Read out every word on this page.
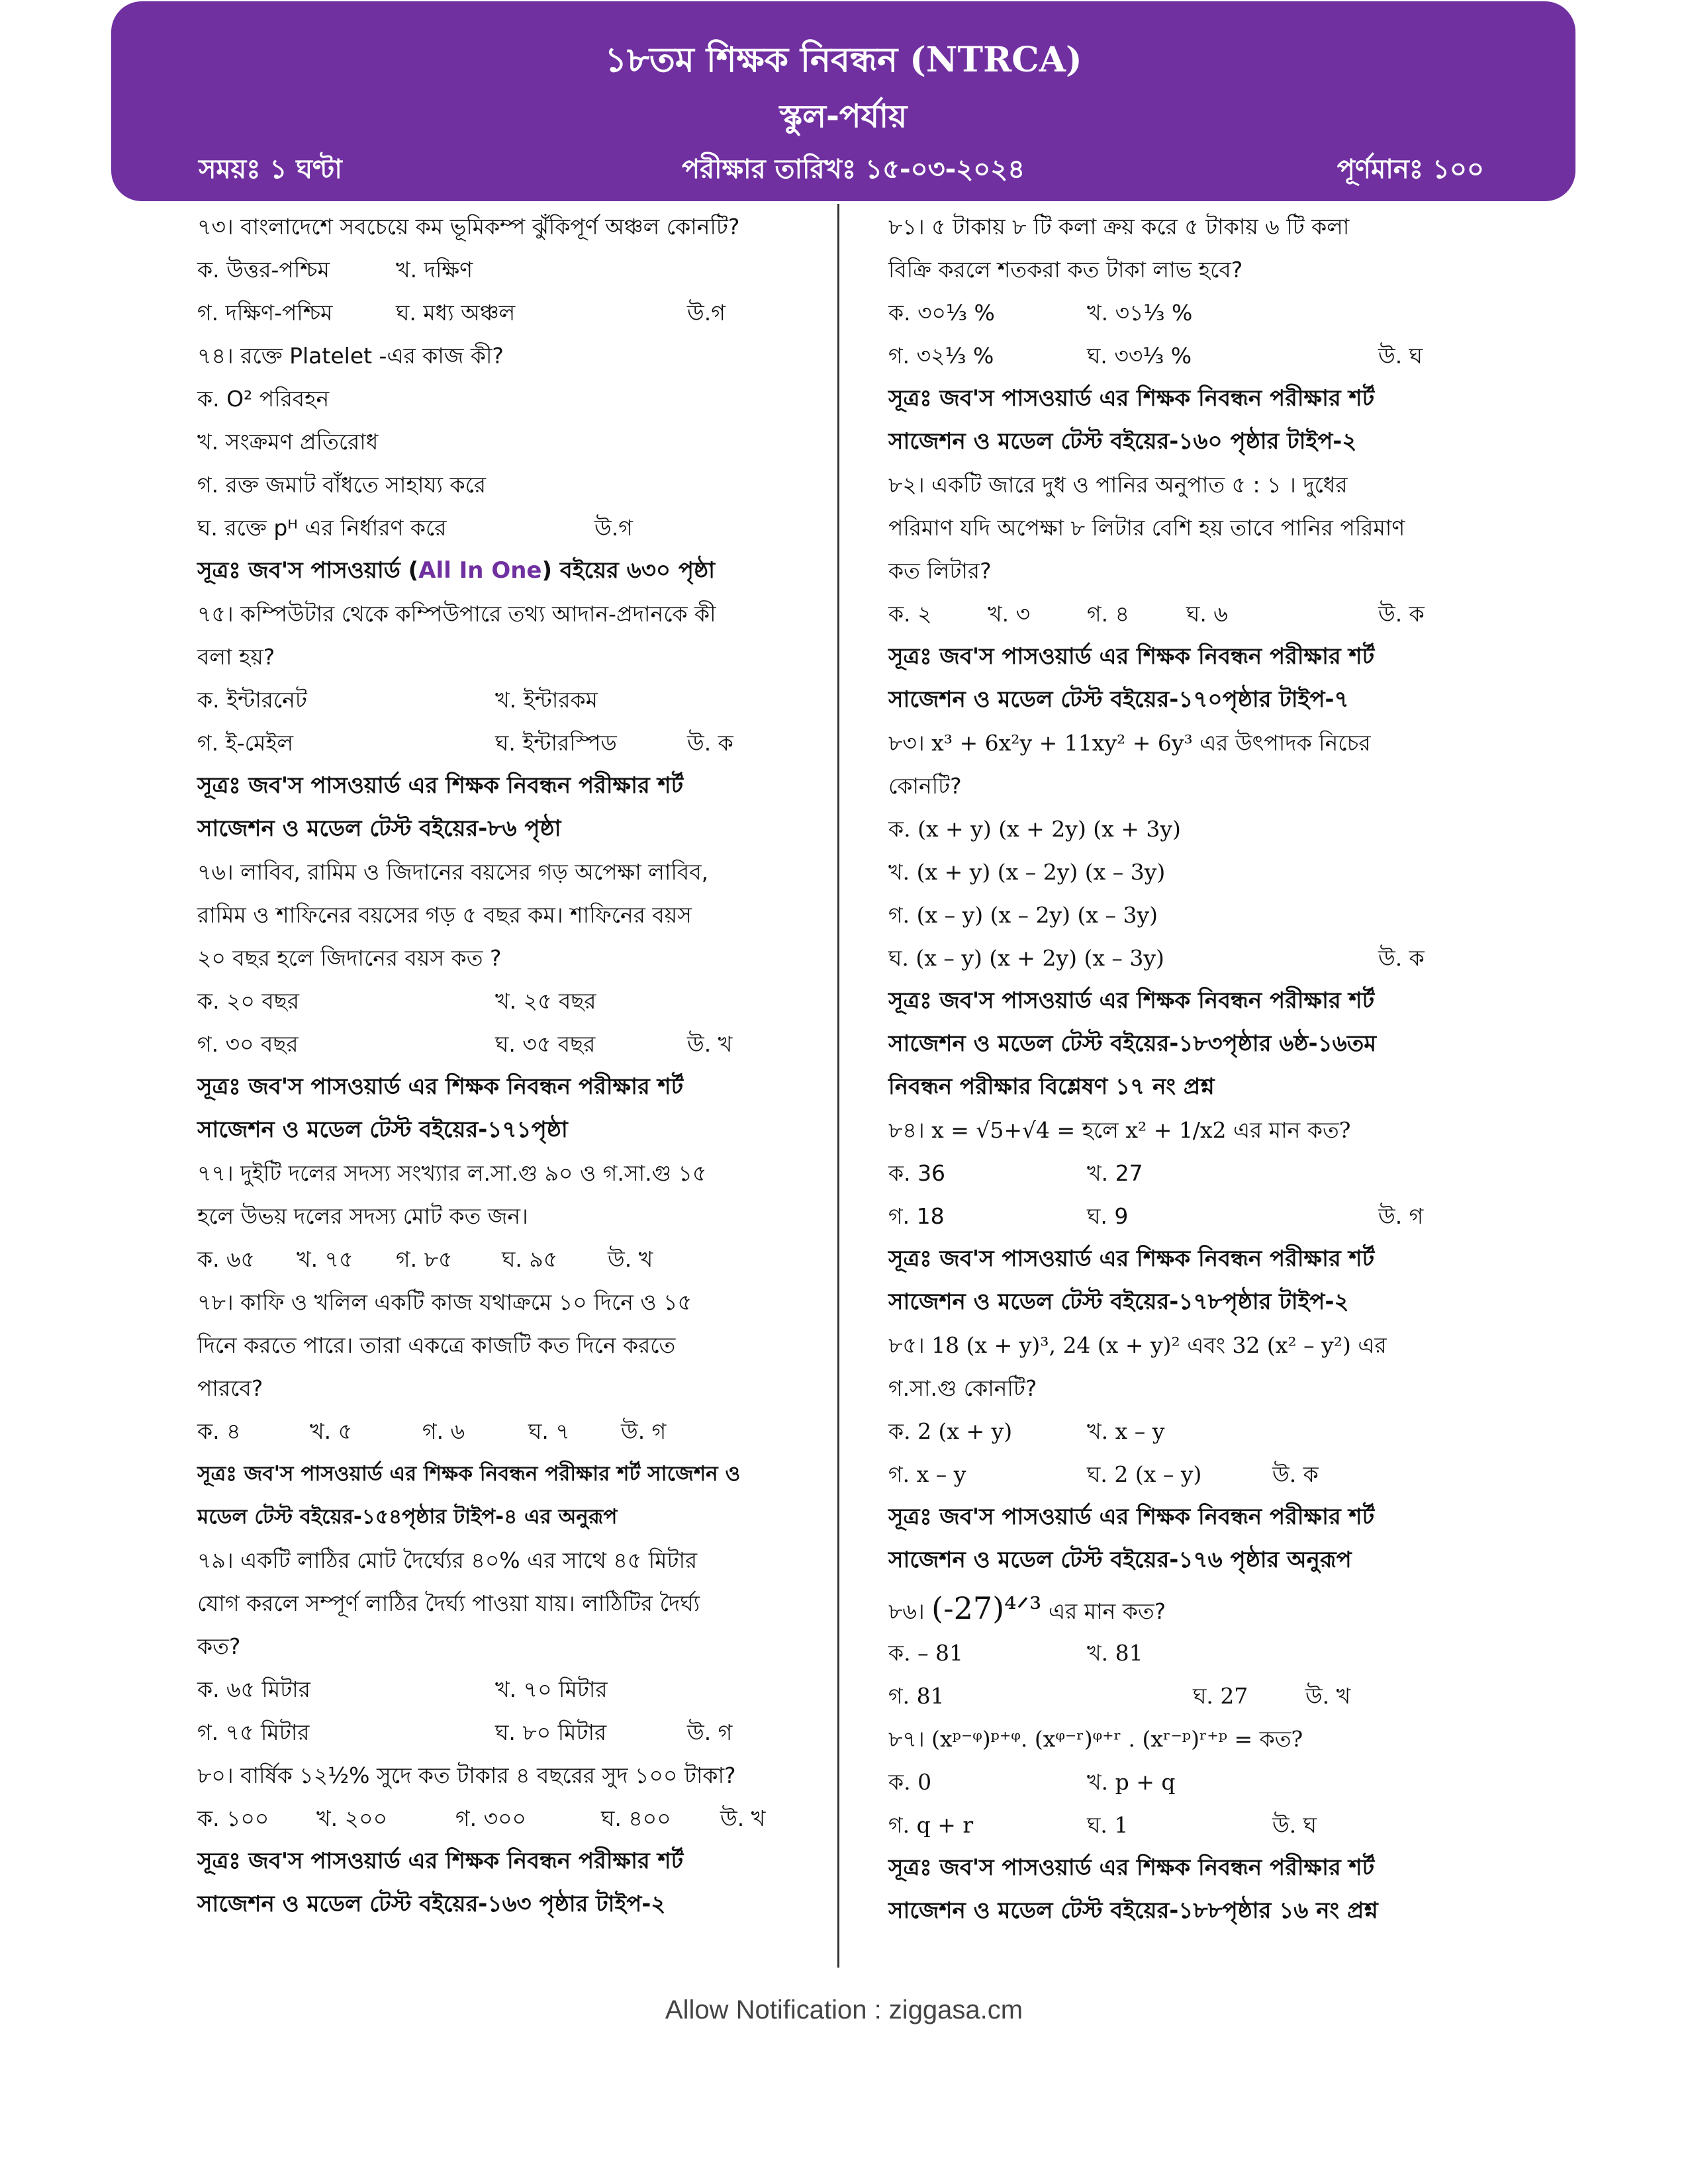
১৮তম শিক্ষক নিবন্ধন (NTRCA)
স্কুল-পর্যায়
সময়ঃ ১ ঘণ্টা	পরীক্ষার তারিখঃ ১৫-০৩-২০২৪	পূর্ণমানঃ ১০০

৭৩। বাংলাদেশে সবচেয়ে কম ভূমিকম্প ঝুঁকিপূর্ণ অঞ্চল কোনটি?

ক. উত্তর-পশ্চিম	খ. দক্ষিণ
গ. দক্ষিণ-পশ্চিম	ঘ. মধ্য অঞ্চল	উ.গ

৭৪। রক্তে Platelet -এর কাজ কী?

ক. O² পরিবহন

খ. সংক্রমণ প্রতিরোধ

গ. রক্ত জমাট বাঁধতে সাহায্য করে

ঘ. রক্তে pᴴ এর নির্ধারণ করে	উ.গ

সূত্রঃ জব'স পাসওয়ার্ড (All In One) বইয়ের ৬৩০ পৃষ্ঠা

৭৫। কম্পিউটার থেকে কম্পিউপারে তথ্য আদান-প্রদানকে কী

বলা হয়?

ক. ইন্টারনেট	খ. ইন্টারকম
গ. ই-মেইল	ঘ. ইন্টারস্পিড	উ. ক

সূত্রঃ জব'স পাসওয়ার্ড এর শিক্ষক নিবন্ধন পরীক্ষার শর্ট

সাজেশন ও মডেল টেস্ট বইয়ের-৮৬ পৃষ্ঠা

৭৬। লাবিব, রামিম ও জিদানের বয়সের গড় অপেক্ষা লাবিব,

রামিম ও শাফিনের বয়সের গড় ৫ বছর কম। শাফিনের বয়স

২০ বছর হলে জিদানের বয়স কত ?

ক. ২০ বছর	খ. ২৫ বছর
গ. ৩০ বছর	ঘ. ৩৫ বছর	উ. খ

সূত্রঃ জব'স পাসওয়ার্ড এর শিক্ষক নিবন্ধন পরীক্ষার শর্ট

সাজেশন ও মডেল টেস্ট বইয়ের-১৭১পৃষ্ঠা

৭৭। দুইটি দলের সদস্য সংখ্যার ল.সা.গু ৯০ ও গ.সা.গু ১৫

হলে উভয় দলের সদস্য মোট কত জন।

ক. ৬৫ খ. ৭৫ গ. ৮৫ ঘ. ৯৫ উ. খ

৭৮। কাফি ও খলিল একটি কাজ যথাক্রমে ১০ দিনে ও ১৫

দিনে করতে পারে। তারা একত্রে কাজটি কত দিনে করতে

পারবে?

ক. ৪	খ. ৫	গ. ৬	ঘ. ৭ উ. গ

সূত্রঃ জব'স পাসওয়ার্ড এর শিক্ষক নিবন্ধন পরীক্ষার শর্ট সাজেশন ও

মডেল টেস্ট বইয়ের-১৫৪পৃষ্ঠার টাইপ-৪ এর অনুরূপ

৭৯। একটি লাঠির মোট দৈর্ঘ্যের ৪০% এর সাথে ৪৫ মিটার

যোগ করলে সম্পূর্ণ লাঠির দৈর্ঘ্য পাওয়া যায়। লাঠিটির দৈর্ঘ্য

কত?

ক. ৬৫ মিটার	খ. ৭০ মিটার
গ. ৭৫ মিটার	ঘ. ৮০ মিটার	উ. গ

৮০। বার্ষিক ১২½% সুদে কত টাকার ৪ বছরের সুদ ১০০ টাকা?

ক. ১০০ খ. ২০০	গ. ৩০০	ঘ. ৪০০ উ. খ

সূত্রঃ জব'স পাসওয়ার্ড এর শিক্ষক নিবন্ধন পরীক্ষার শর্ট

সাজেশন ও মডেল টেস্ট বইয়ের-১৬৩ পৃষ্ঠার টাইপ-২

৮১। ৫ টাকায় ৮ টি কলা ক্রয় করে ৫ টাকায় ৬ টি কলা

বিক্রি করলে শতকরা কত টাকা লাভ হবে?

ক. ৩০⅓ %	খ. ৩১⅓ %
গ. ৩২⅓ %	ঘ. ৩৩⅓ %	উ. ঘ

সূত্রঃ জব'স পাসওয়ার্ড এর শিক্ষক নিবন্ধন পরীক্ষার শর্ট

সাজেশন ও মডেল টেস্ট বইয়ের-১৬০ পৃষ্ঠার টাইপ-২

৮২। একটি জারে দুধ ও পানির অনুপাত ৫ : ১ । দুধের

পরিমাণ যদি অপেক্ষা ৮ লিটার বেশি হয় তাবে পানির পরিমাণ

কত লিটার?

ক. ২	খ. ৩	গ. ৪	ঘ. ৬	উ. ক

সূত্রঃ জব'স পাসওয়ার্ড এর শিক্ষক নিবন্ধন পরীক্ষার শর্ট

সাজেশন ও মডেল টেস্ট বইয়ের-১৭০পৃষ্ঠার টাইপ-৭

৮৩। x³ + 6x²y + 11xy² + 6y³ এর উৎপাদক নিচের

কোনটি?

ক. (x + y) (x + 2y) (x + 3y)

খ. (x + y) (x – 2y) (x – 3y)

গ. (x – y) (x – 2y) (x – 3y)

ঘ. (x – y) (x + 2y) (x – 3y)	উ. ক

সূত্রঃ জব'স পাসওয়ার্ড এর শিক্ষক নিবন্ধন পরীক্ষার শর্ট

সাজেশন ও মডেল টেস্ট বইয়ের-১৮৩পৃষ্ঠার ৬ষ্ঠ-১৬তম

নিবন্ধন পরীক্ষার বিশ্লেষণ ১৭ নং প্রশ্ন

৮৪। x = √5+√4 = হলে x² + 1/x2 এর মান কত?

ক. 36	খ. 27
গ. 18	ঘ. 9	উ. গ

সূত্রঃ জব'স পাসওয়ার্ড এর শিক্ষক নিবন্ধন পরীক্ষার শর্ট

সাজেশন ও মডেল টেস্ট বইয়ের-১৭৮পৃষ্ঠার টাইপ-২

৮৫। 18 (x + y)³, 24 (x + y)² এবং 32 (x² – y²) এর

গ.সা.গু কোনটি?

ক. 2 (x + y)	খ. x – y
গ. x – y	ঘ. 2 (x – y)	উ. ক

সূত্রঃ জব'স পাসওয়ার্ড এর শিক্ষক নিবন্ধন পরীক্ষার শর্ট

সাজেশন ও মডেল টেস্ট বইয়ের-১৭৬ পৃষ্ঠার অনুরূপ

৮৬। (-27)⁴ᐟ³ এর মান কত?

ক. – 81	খ. 81
গ. 81	ঘ. 27	উ. খ

৮৭। (xᵖ⁻ᵠ)ᵖ⁺ᵠ. (xᵠ⁻ʳ)ᵠ⁺ʳ . (xʳ⁻ᵖ)ʳ⁺ᵖ = কত?

ক. 0	খ. p + q
গ. q + r	ঘ. 1	উ. ঘ

সূত্রঃ জব'স পাসওয়ার্ড এর শিক্ষক নিবন্ধন পরীক্ষার শর্ট

সাজেশন ও মডেল টেস্ট বইয়ের-১৮৮পৃষ্ঠার ১৬ নং প্রশ্ন

Allow Notification : ziggasa.cm
